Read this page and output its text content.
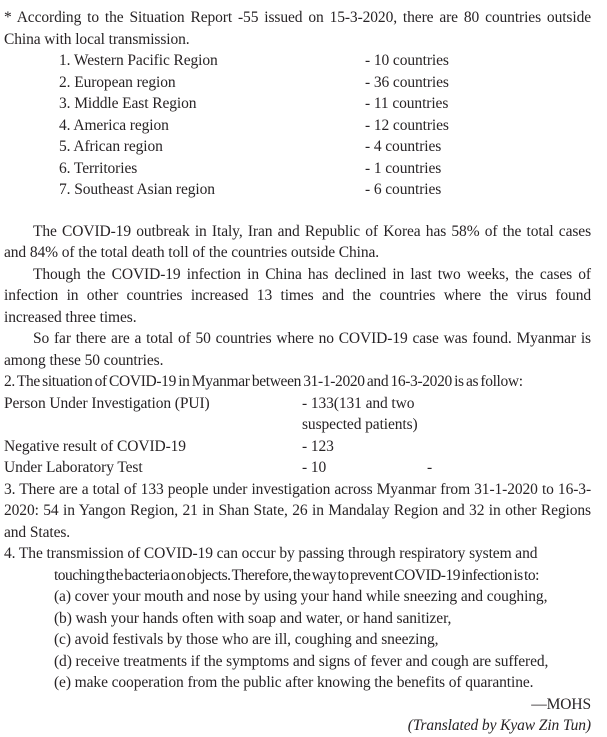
* According to the Situation Report -55 issued on 15-3-2020, there are 80 countries outside China with local transmission.

1. Western Pacific Region	- 10 countries
2. European region	- 36 countries
3. Middle East Region	- 11 countries
4. America region	- 12 countries
5. African region	- 4 countries
6. Territories	- 1 countries
7. Southeast Asian region	- 6 countries

The COVID-19 outbreak in Italy, Iran and Republic of Korea has 58% of the total cases and 84% of the total death toll of the countries outside China.

Though the COVID-19 infection in China has declined in last two weeks, the cases of infection in other countries increased 13 times and the countries where the virus found increased three times.

So far there are a total of 50 countries where no COVID-19 case was found. Myanmar is among these 50 countries.

2. The situation of COVID-19 in Myanmar between 31-1-2020 and 16-3-2020 is as follow:

Person Under Investigation (PUI)	- 133(131 and two suspected patients)
Negative result of COVID-19	- 123
Under Laboratory Test	- 10	-

3. There are a total of 133 people under investigation across Myanmar from 31-1-2020 to 16-3-2020: 54 in Yangon Region, 21 in Shan State, 26 in Mandalay Region and 32 in other Regions and States.

4. The transmission of COVID-19 can occur by passing through respiratory system and

touching the bacteria on objects. Therefore, the way to prevent COVID-19 infection is to:

(a) cover your mouth and nose by using your hand while sneezing and coughing,

(b) wash your hands often with soap and water, or hand sanitizer,

(c) avoid festivals by those who are ill, coughing and sneezing,

(d) receive treatments if the symptoms and signs of fever and cough are suffered,

(e) make cooperation from the public after knowing the benefits of quarantine.

—MOHS

(Translated by Kyaw Zin Tun)
